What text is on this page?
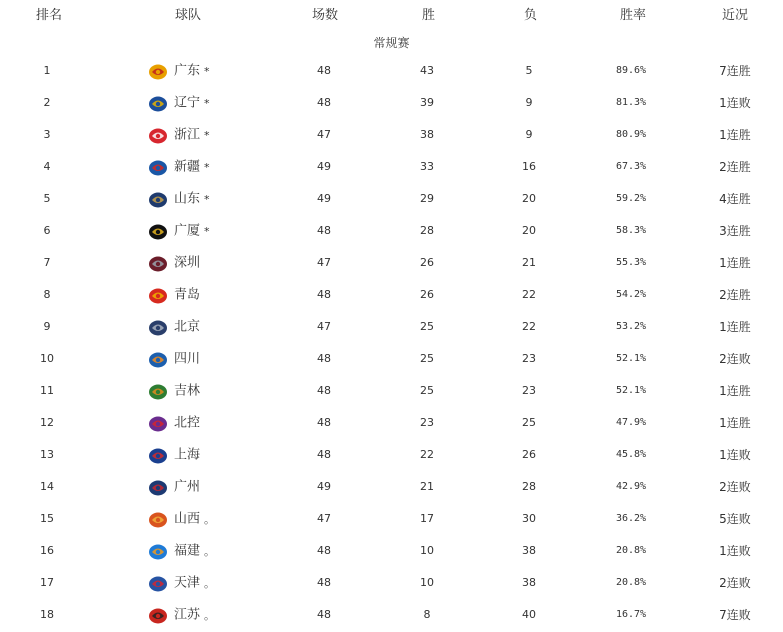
排名	球队	场数	胜	负	胜率	近况
常规赛
1	广东 *	48	43	5	89.6%	7连胜
2	辽宁 *	48	39	9	81.3%	1连败
3	浙江 *	47	38	9	80.9%	1连胜
4	新疆 *	49	33	16	67.3%	2连胜
5	山东 *	49	29	20	59.2%	4连胜
6	广厦 *	48	28	20	58.3%	3连胜
7	深圳	47	26	21	55.3%	1连胜
8	青岛	48	26	22	54.2%	2连胜
9	北京	47	25	22	53.2%	1连胜
10	四川	48	25	23	52.1%	2连败
11	吉林	48	25	23	52.1%	1连胜
12	北控	48	23	25	47.9%	1连胜
13	上海	48	22	26	45.8%	1连败
14	广州	49	21	28	42.9%	2连败
15	山西 。	47	17	30	36.2%	5连败
16	福建 。	48	10	38	20.8%	1连败
17	天津 。	48	10	38	20.8%	2连败
18	江苏 。	48	8	40	16.7%	7连败
